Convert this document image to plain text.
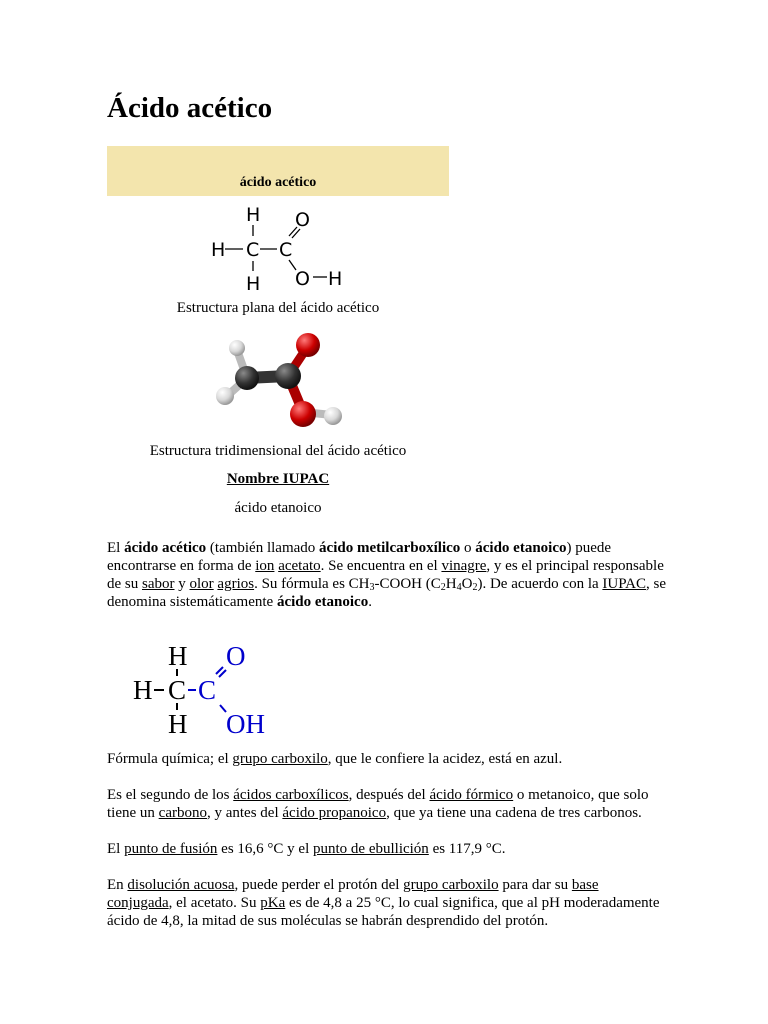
Ácido acético
ácido acético
H
H C C
O
H O H
Estructura plana del ácido acético
Estructura tridimensional del ácido acético
Nombre IUPAC
ácido etanoico

El ácido acético (también llamado ácido metilcarboxílico o ácido etanoico) puede encontrarse en forma de ion acetato. Se encuentra en el vinagre, y es el principal responsable de su sabor y olor agrios. Su fórmula es $CH_3$-COOH $(C_2H_4O_2)$. De acuerdo con la IUPAC, se denomina sistemáticamente ácido etanoico.

H
H C
H
O
C
OH

Fórmula química; el grupo carboxilo, que le confiere la acidez, está en azul.

Es el segundo de los ácidos carboxílicos, después del ácido fórmico o metanoico, que solo tiene un carbono, y antes del ácido propanoico, que ya tiene una cadena de tres carbonos.

El punto de fusión es 16,6 °C y el punto de ebullición es 117,9 °C.

En disolución acuosa, puede perder el protón del grupo carboxilo para dar su base conjugada, el acetato. Su pKa es de 4,8 a 25 °C, lo cual significa, que al pH moderadamente ácido de 4,8, la mitad de sus moléculas se habrán desprendido del protón.
